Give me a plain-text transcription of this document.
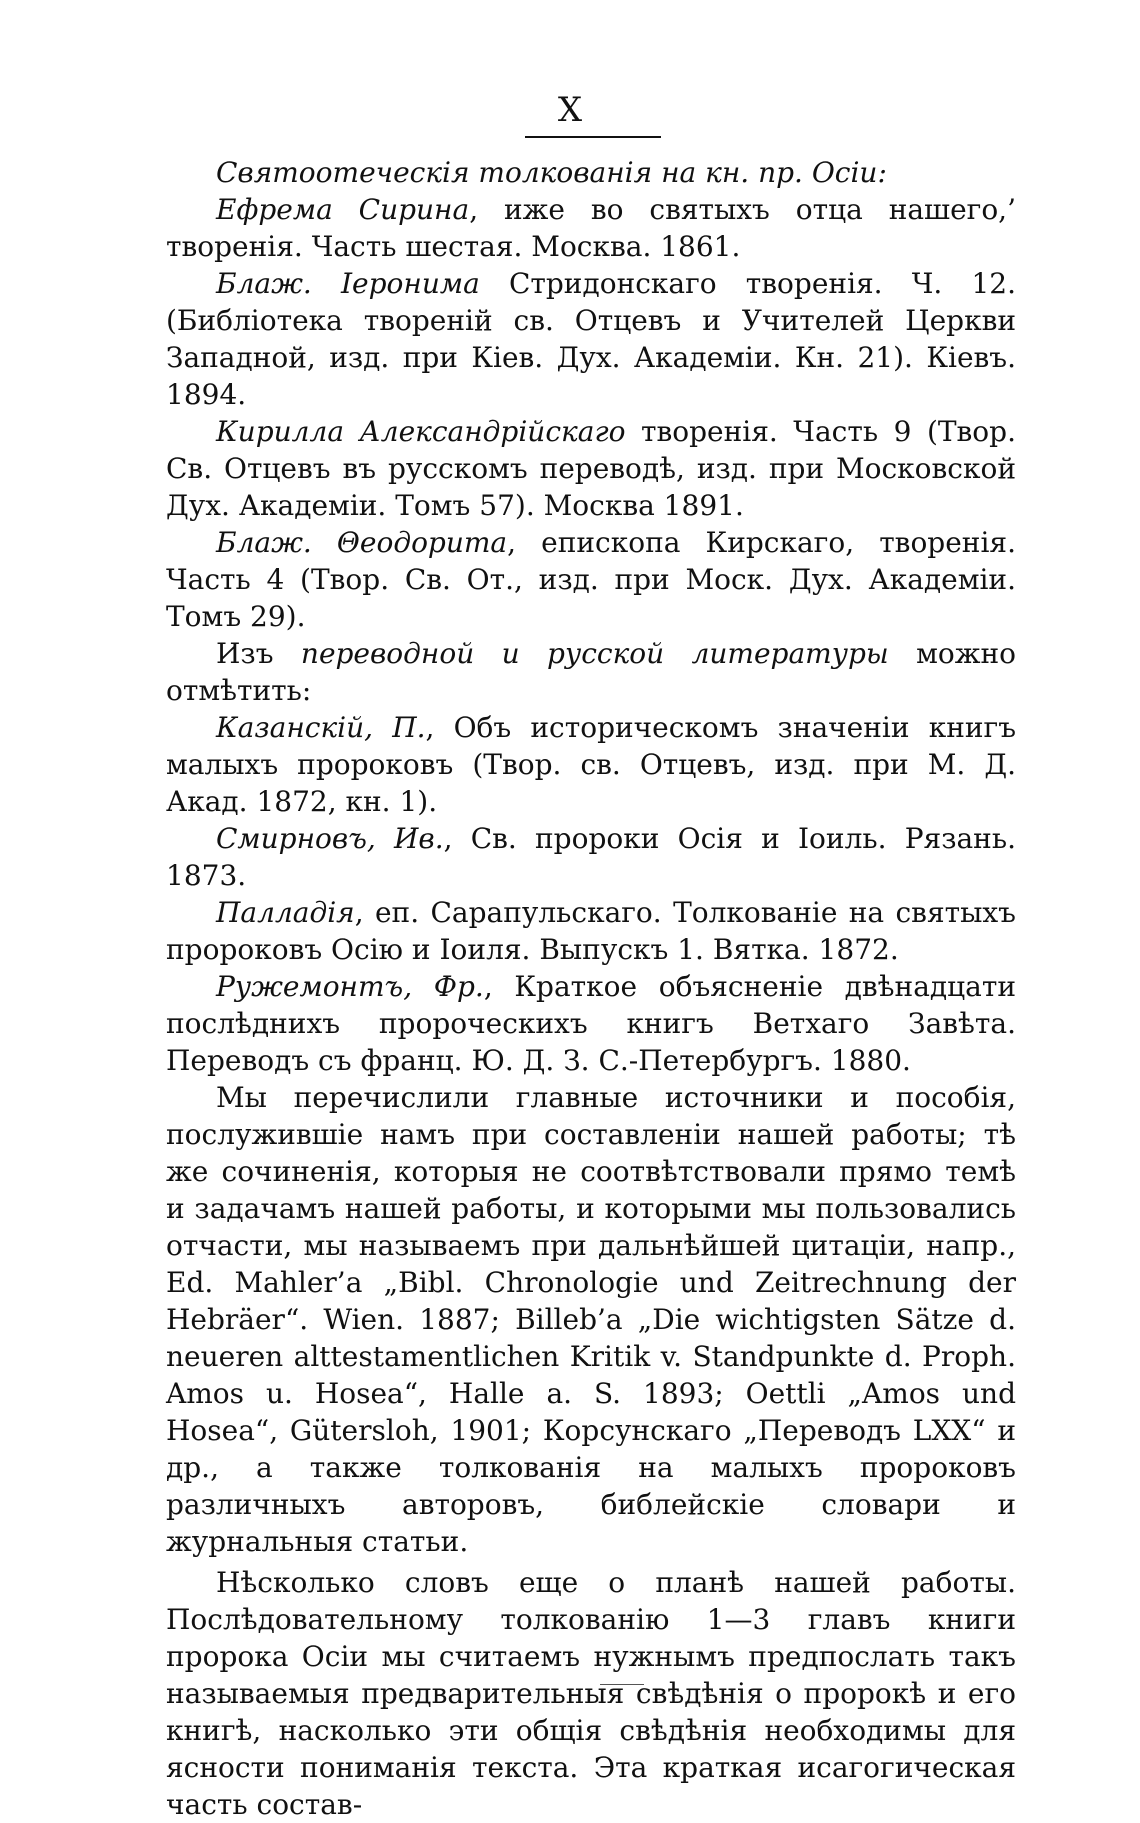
X

Святоотеческія толкованія на кн. пр. Осіи:

Ефрема Сирина, иже во святыхъ отца нашего,’ творенія. Часть шестая. Москва. 1861.

Блаж. Іеронима Стридонскаго творенія. Ч. 12. (Библіотека твореній св. Отцевъ и Учителей Церкви Западной, изд. при Кіев. Дух. Академіи. Кн. 21). Кіевъ. 1894.

Кирилла Александрійскаго творенія. Часть 9 (Твор. Св. Отцевъ въ русскомъ переводѣ, изд. при Московской Дух. Академіи. Томъ 57). Москва 1891.

Блаж. Θеодорита, епископа Кирскаго, творенія. Часть 4 (Твор. Св. От., изд. при Моск. Дух. Академіи. Томъ 29).

Изъ переводной и русской литературы можно отмѣтить:

Казанскій, П., Объ историческомъ значеніи книгъ малыхъ пророковъ (Твор. св. Отцевъ, изд. при М. Д. Акад. 1872, кн. 1).

Смирновъ, Ив., Св. пророки Осія и Іоиль. Рязань. 1873.

Палладія, еп. Сарапульскаго. Толкованіе на святыхъ пророковъ Осію и Іоиля. Выпускъ 1. Вятка. 1872.

Ружемонтъ, Фр., Краткое объясненіе двѣнадцати послѣднихъ пророческихъ книгъ Ветхаго Завѣта. Переводъ съ франц. Ю. Д. З. С.-Петербургъ. 1880.

Мы перечислили главные источники и пособія, послужившіе намъ при составленіи нашей работы; тѣ же сочиненія, которыя не соотвѣтствовали прямо темѣ и задачамъ нашей работы, и которыми мы пользовались отчасти, мы называемъ при дальнѣйшей цитаціи, напр., Ed. Mahler’a „Bibl. Chronologie und Zeitrechnung der Hebräer“. Wien. 1887; Billeb’a „Die wichtigsten Sätze d. neueren alttestamentlichen Kritik v. Standpunkte d. Proph. Amos u. Hosea“, Halle a. S. 1893; Oettli „Amos und Hosea“, Gütersloh, 1901; Корсунскаго „Переводъ LXX“ и др., а также толкованія на малыхъ пророковъ различныхъ авторовъ, библейскіе словари и журнальныя статьи.

Нѣсколько словъ еще о планѣ нашей работы. Послѣдовательному толкованію 1—3 главъ книги пророка Осіи мы считаемъ нужнымъ предпослать такъ называемыя предварительныя свѣдѣнія о пророкѣ и его книгѣ, насколько эти общія свѣдѣнія необходимы для ясности пониманія текста. Эта краткая исагогическая часть состав-
